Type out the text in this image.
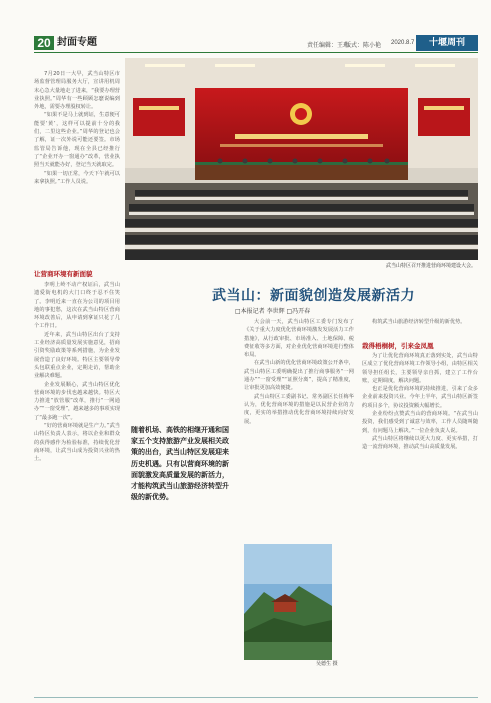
20 封面专题	责任编辑：王玮
版式：陈小艳 2020.8.7	十堰周刊
武当山特区召开推进营商环境建设大会。

7月20日一大早，武当山特区市场监督管理局服务大厅，宣讲用机周末心急大量地走了进来，“我要办理营业执照。”周华有一些顾顾怎麽说编到外地，需要办理股权转让。

“如果不是马上就到证，生意便可能要‘黄’，这样可以提前十分的我们，二里这些企业。”周华的登记也会了解，证一次外说可能还要签。市场监管局告诉他，现在全县已经推行了“企业开办一窗通办”改革，营业执照当天就能办好，登记当天就取完。

“如果一切正常，今天下午就可以来拿执照。”工作人员说。

让营商环境有新面貌

李明上岭不动产权证后，武当山遗爱街电机的大门口终于忍不住笑了。李明近来一直在为公司的项目用地的事犯愁，这次在武当山特区营商环境改善后，从申请到拿证只花了几个工作日。

近年来，武当山特区出台了支持工业经济高质量发展实施意见，招商引资奖励政策等系列措施，为企业发展营造了良好环境。特区主要领导带头包联重点企业，定期走访，帮助企业解决难题。

企业发展顺心，武当山特区优化营商环境的步伐也越来越快。特区大力推进“放管服”改革，推行“一网通办”“一窗受理”，越来越多的事项实现了“最多跑一次”。

“好的营商环境就是生产力。”武当山特区负责人表示，将以企业和群众的获得感作为检验标准，持续优化营商环境，让武当山成为投资兴业的热土。

武当山：新面貌创造发展新活力
□本报记者 李世辉 □冯开春
随着机场、高铁的相继开通和国家五个支持旅游产业发展相关政策的出台，武当山特区发展迎来历史机遇。只有以营商环境的新面貌激发高质量发展的新活力，才能构筑武当山旅游经济转型升级的新优势。

大会前一天，武当山特区工委专门发布了《关于重大力度优化营商环境激发发展活力工作措施》，从行政审批、市场准入、土地保障、税费征收等多方面，对企业优化营商环境进行整体布局。

在武当山新的优化营商环境政策公开条中，武当山特区工委明确提出了推行商事服务“一网通办”“一窗受理”“证照分离”，提高了精准度，让审批更加高效便捷。

武当山特区工委副书记、常务副区长任梅华认为，优化营商环境的措施是以民营企业的力度，更实的举措推动优化营商环境持续向好发展。

吴德生 摄

构筑武当山旅游经济转型升级的新优势。

栽得梧桐树，引来金凤凰

为了让优化营商环境真正落到实处，武当山特区成立了优化营商环境工作领导小组，由特区相关领导担任组长，主要领导亲自抓，建立了工作台账，定期调度，解决问题。

也正是优化营商环境的持续推进，引来了众多企业前来投资兴业。今年上半年，武当山特区新签约项目多个，协议投资额大幅增长。

企业纷纷点赞武当山的营商环境。“在武当山投资，我们感受到了诚意与效率，工作人员随叫随到，有问题马上解决。”一位企业负责人说。

武当山特区将继续以更大力度、更实举措，打造一流营商环境，推动武当山高质量发展。
